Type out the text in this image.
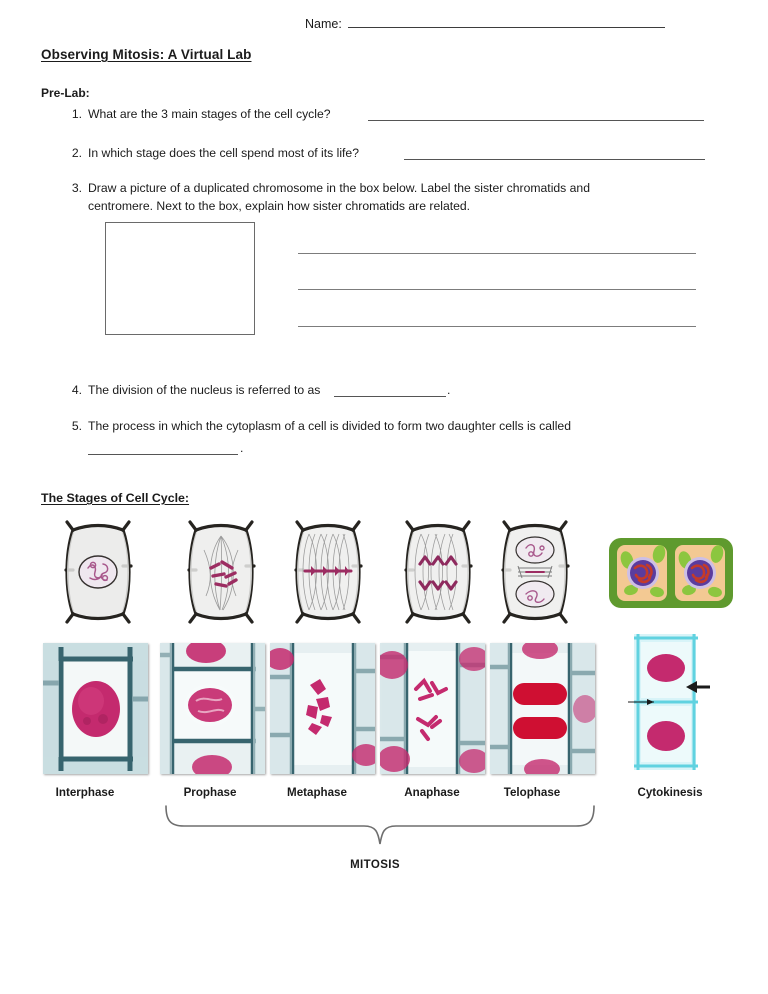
Name:
Observing Mitosis: A Virtual Lab
Pre-Lab:
1. What are the 3 main stages of the cell cycle?
2. In which stage does the cell spend most of its life?
3. Draw a picture of a duplicated chromosome in the box below. Label the sister chromatids and
centromere. Next to the box, explain how sister chromatids are related.
4. The division of the nucleus is referred to as	.
5. The process in which the cytoplasm of a cell is divided to form two daughter cells is called
.
The Stages of Cell Cycle:
Interphase	Prophase	Metaphase	Anaphase	Telophase	Cytokinesis
MITOSIS
